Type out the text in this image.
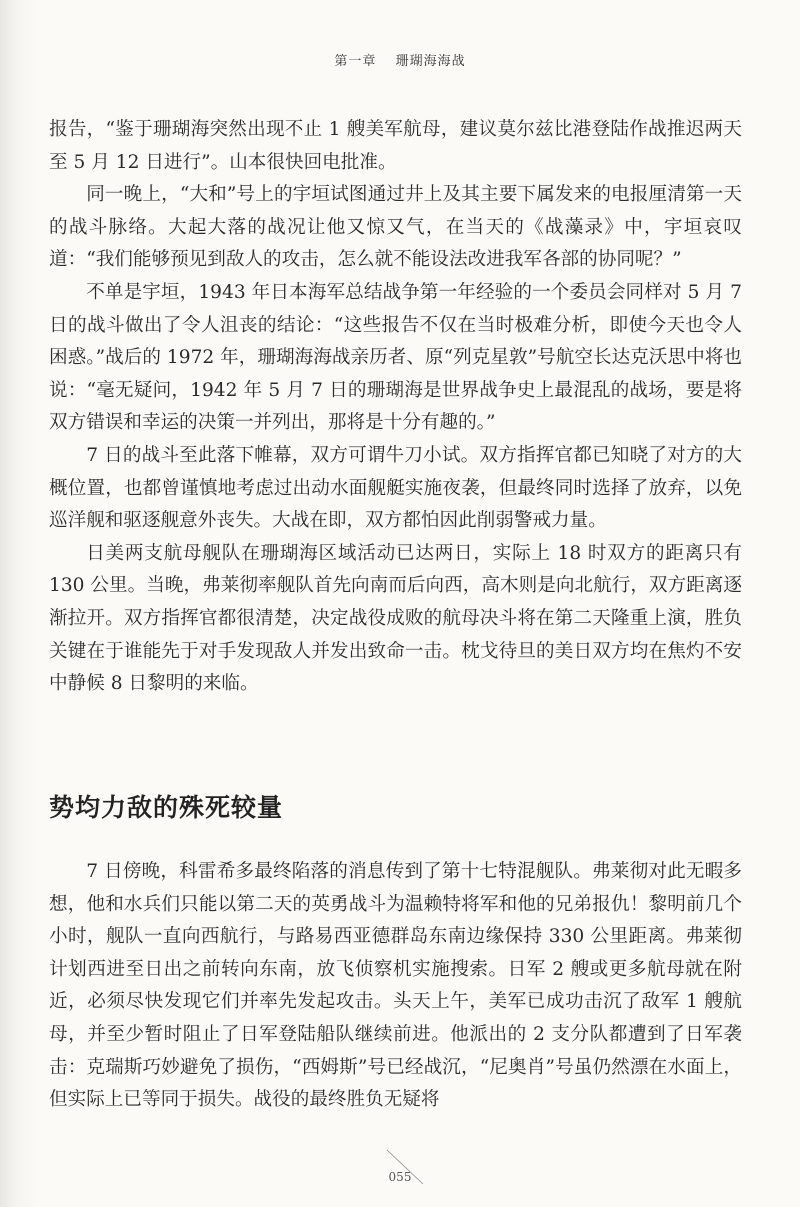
第一章 珊瑚海海战

报告，“鉴于珊瑚海突然出现不止 1 艘美军航母，建议莫尔兹比港登陆作战推迟两天至 5 月 12 日进行”。山本很快回电批准。

同一晚上，“大和”号上的宇垣试图通过井上及其主要下属发来的电报厘清第一天的战斗脉络。大起大落的战况让他又惊又气，在当天的《战藻录》中，宇垣哀叹道：“我们能够预见到敌人的攻击，怎么就不能设法改进我军各部的协同呢？”

不单是宇垣，1943 年日本海军总结战争第一年经验的一个委员会同样对 5 月 7 日的战斗做出了令人沮丧的结论：“这些报告不仅在当时极难分析，即使今天也令人困惑。”战后的 1972 年，珊瑚海海战亲历者、原“列克星敦”号航空长达克沃思中将也说：“毫无疑问，1942 年 5 月 7 日的珊瑚海是世界战争史上最混乱的战场，要是将双方错误和幸运的决策一并列出，那将是十分有趣的。”

7 日的战斗至此落下帷幕，双方可谓牛刀小试。双方指挥官都已知晓了对方的大概位置，也都曾谨慎地考虑过出动水面舰艇实施夜袭，但最终同时选择了放弃，以免巡洋舰和驱逐舰意外丧失。大战在即，双方都怕因此削弱警戒力量。

日美两支航母舰队在珊瑚海区域活动已达两日，实际上 18 时双方的距离只有 130 公里。当晚，弗莱彻率舰队首先向南而后向西，高木则是向北航行，双方距离逐渐拉开。双方指挥官都很清楚，决定战役成败的航母决斗将在第二天隆重上演，胜负关键在于谁能先于对手发现敌人并发出致命一击。枕戈待旦的美日双方均在焦灼不安中静候 8 日黎明的来临。

势均力敌的殊死较量

7 日傍晚，科雷希多最终陷落的消息传到了第十七特混舰队。弗莱彻对此无暇多想，他和水兵们只能以第二天的英勇战斗为温赖特将军和他的兄弟报仇！黎明前几个小时，舰队一直向西航行，与路易西亚德群岛东南边缘保持 330 公里距离。弗莱彻计划西进至日出之前转向东南，放飞侦察机实施搜索。日军 2 艘或更多航母就在附近，必须尽快发现它们并率先发起攻击。头天上午，美军已成功击沉了敌军 1 艘航母，并至少暂时阻止了日军登陆船队继续前进。他派出的 2 支分队都遭到了日军袭击：克瑞斯巧妙避免了损伤，“西姆斯”号已经战沉，“尼奥肖”号虽仍然漂在水面上，但实际上已等同于损失。战役的最终胜负无疑将

055
